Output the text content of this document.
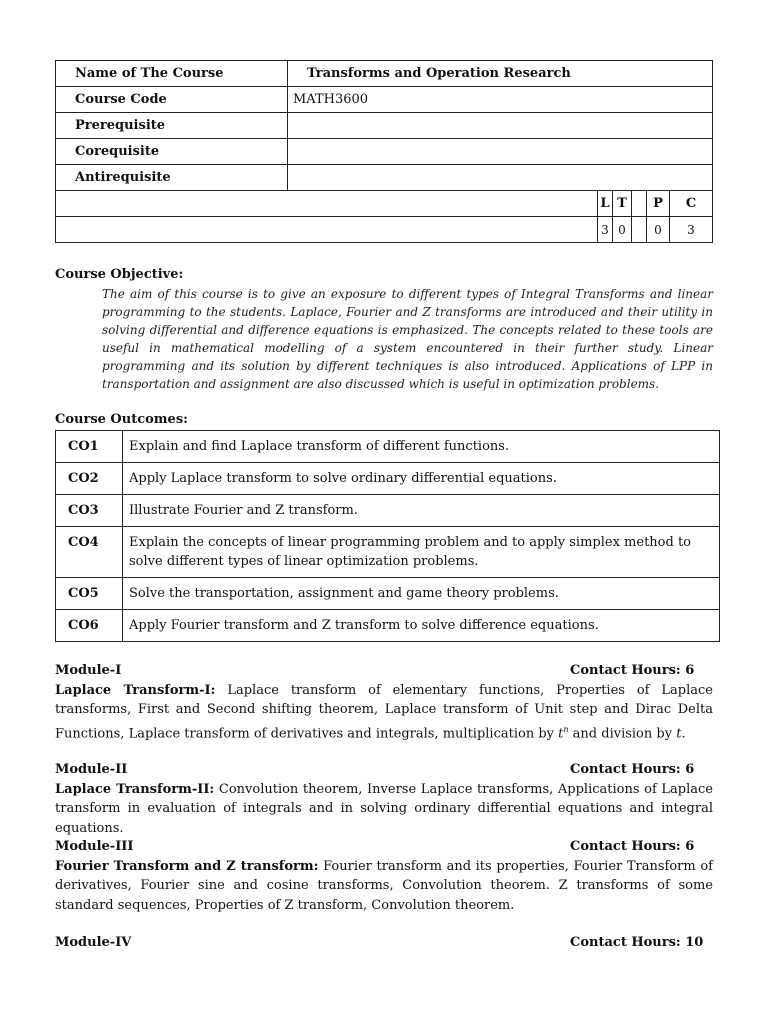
Name of The Course	Transforms and Operation Research					
Course Code	MATH3600					
Prerequisite						
Corequisite						
Antirequisite						
		L	T		P	C
		3	0		0	3
Course Objective:
The aim of this course is to give an exposure to different types of Integral Transforms and linear programming to the students. Laplace, Fourier and Z transforms are introduced and their utility in solving differential and difference equations is emphasized. The concepts related to these tools are useful in mathematical modelling of a system encountered in their further study. Linear programming and its solution by different techniques is also introduced. Applications of LPP in transportation and assignment are also discussed which is useful in optimization problems.
Course Outcomes:
CO1	Explain and find Laplace transform of different functions.
CO2	Apply Laplace transform to solve ordinary differential equations.
CO3	Illustrate Fourier and Z transform.
CO4	Explain the concepts of linear programming problem and to apply simplex method to solve different types of linear optimization problems.
CO5	Solve the transportation, assignment and game theory problems.
CO6	Apply Fourier transform and Z transform to solve difference equations.
Module-I	Contact Hours: 6
Laplace Transform-I: Laplace transform of elementary functions, Properties of Laplace transforms, First and Second shifting theorem, Laplace transform of Unit step and Dirac Delta Functions, Laplace transform of derivatives and integrals, multiplication by $t^n$ and division by t.
Module-II	Contact Hours: 6
Laplace Transform-II: Convolution theorem, Inverse Laplace transforms, Applications of Laplace transform in evaluation of integrals and in solving ordinary differential equations and integral equations.
Module-III	Contact Hours: 6
Fourier Transform and Z transform: Fourier transform and its properties, Fourier Transform of derivatives, Fourier sine and cosine transforms, Convolution theorem. Z transforms of some standard sequences, Properties of Z transform, Convolution theorem.
Module-IV	Contact Hours: 10
